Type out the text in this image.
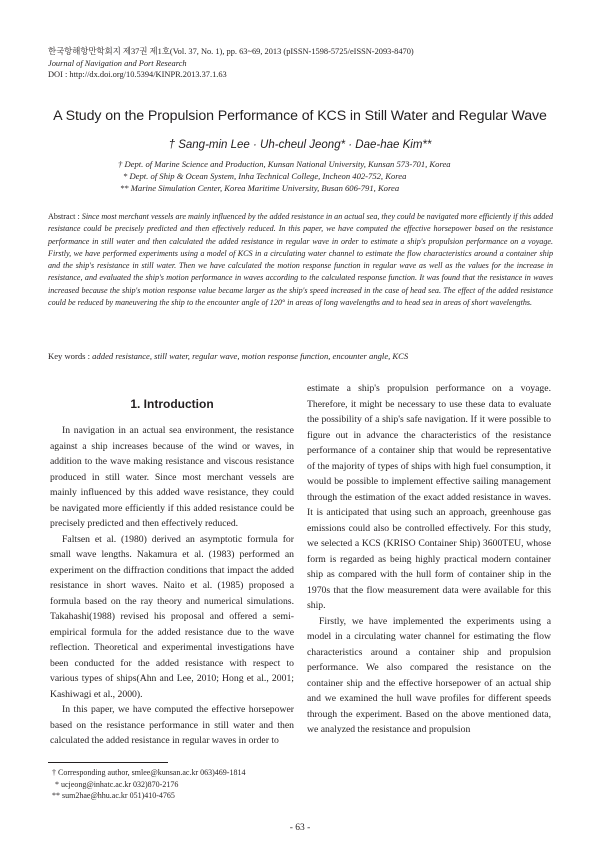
한국항해항만학회지 제37권 제1호(Vol. 37, No. 1), pp. 63~69, 2013 (pISSN-1598-5725/eISSN-2093-8470)
Journal of Navigation and Port Research
DOI : http://dx.doi.org/10.5394/KINPR.2013.37.1.63
A Study on the Propulsion Performance of KCS in Still Water and Regular Wave
† Sang-min Lee · Uh-cheul Jeong* · Dae-hae Kim**
† Dept. of Marine Science and Production, Kunsan National University, Kunsan 573-701, Korea
* Dept. of Ship & Ocean System, Inha Technical College, Incheon 402-752, Korea
** Marine Simulation Center, Korea Maritime University, Busan 606-791, Korea
Abstract : Since most merchant vessels are mainly influenced by the added resistance in an actual sea, they could be navigated more efficiently if this added resistance could be precisely predicted and then effectively reduced. In this paper, we have computed the effective horsepower based on the resistance performance in still water and then calculated the added resistance in regular wave in order to estimate a ship's propulsion performance on a voyage. Firstly, we have performed experiments using a model of KCS in a circulating water channel to estimate the flow characteristics around a container ship and the ship's resistance in still water. Then we have calculated the motion response function in regular wave as well as the values for the increase in resistance, and evaluated the ship's motion performance in waves according to the calculated response function. It was found that the resistance in waves increased because the ship's motion response value became larger as the ship's speed increased in the case of head sea. The effect of the added resistance could be reduced by maneuvering the ship to the encounter angle of 120° in areas of long wavelengths and to head sea in areas of short wavelengths.
Key words : added resistance, still water, regular wave, motion response function, encounter angle, KCS
1. Introduction

In navigation in an actual sea environment, the resistance against a ship increases because of the wind or waves, in addition to the wave making resistance and viscous resistance produced in still water. Since most merchant vessels are mainly influenced by this added wave resistance, they could be navigated more efficiently if this added resistance could be precisely predicted and then effectively reduced.

Faltsen et al. (1980) derived an asymptotic formula for small wave lengths. Nakamura et al. (1983) performed an experiment on the diffraction conditions that impact the added resistance in short waves. Naito et al. (1985) proposed a formula based on the ray theory and numerical simulations. Takahashi(1988) revised his proposal and offered a semi-empirical formula for the added resistance due to the wave reflection. Theoretical and experimental investigations have been conducted for the added resistance with respect to various types of ships(Ahn and Lee, 2010; Hong et al., 2001; Kashiwagi et al., 2000).

In this paper, we have computed the effective horsepower based on the resistance performance in still water and then calculated the added resistance in regular waves in order to

estimate a ship's propulsion performance on a voyage. Therefore, it might be necessary to use these data to evaluate the possibility of a ship's safe navigation. If it were possible to figure out in advance the characteristics of the resistance performance of a container ship that would be representative of the majority of types of ships with high fuel consumption, it would be possible to implement effective sailing management through the estimation of the exact added resistance in waves. It is anticipated that using such an approach, greenhouse gas emissions could also be controlled effectively. For this study, we selected a KCS (KRISO Container Ship) 3600TEU, whose form is regarded as being highly practical modern container ship as compared with the hull form of container ship in the 1970s that the flow measurement data were available for this ship.

Firstly, we have implemented the experiments using a model in a circulating water channel for estimating the flow characteristics around a container ship and propulsion performance. We also compared the resistance on the container ship and the effective horsepower of an actual ship and we examined the hull wave profiles for different speeds through the experiment. Based on the above mentioned data, we analyzed the resistance and propulsion

† Corresponding author, smlee@kunsan.ac.kr 063)469-1814
* ucjeong@inhatc.ac.kr 032)870-2176
** sum2hae@hhu.ac.kr 051)410-4765
- 63 -
